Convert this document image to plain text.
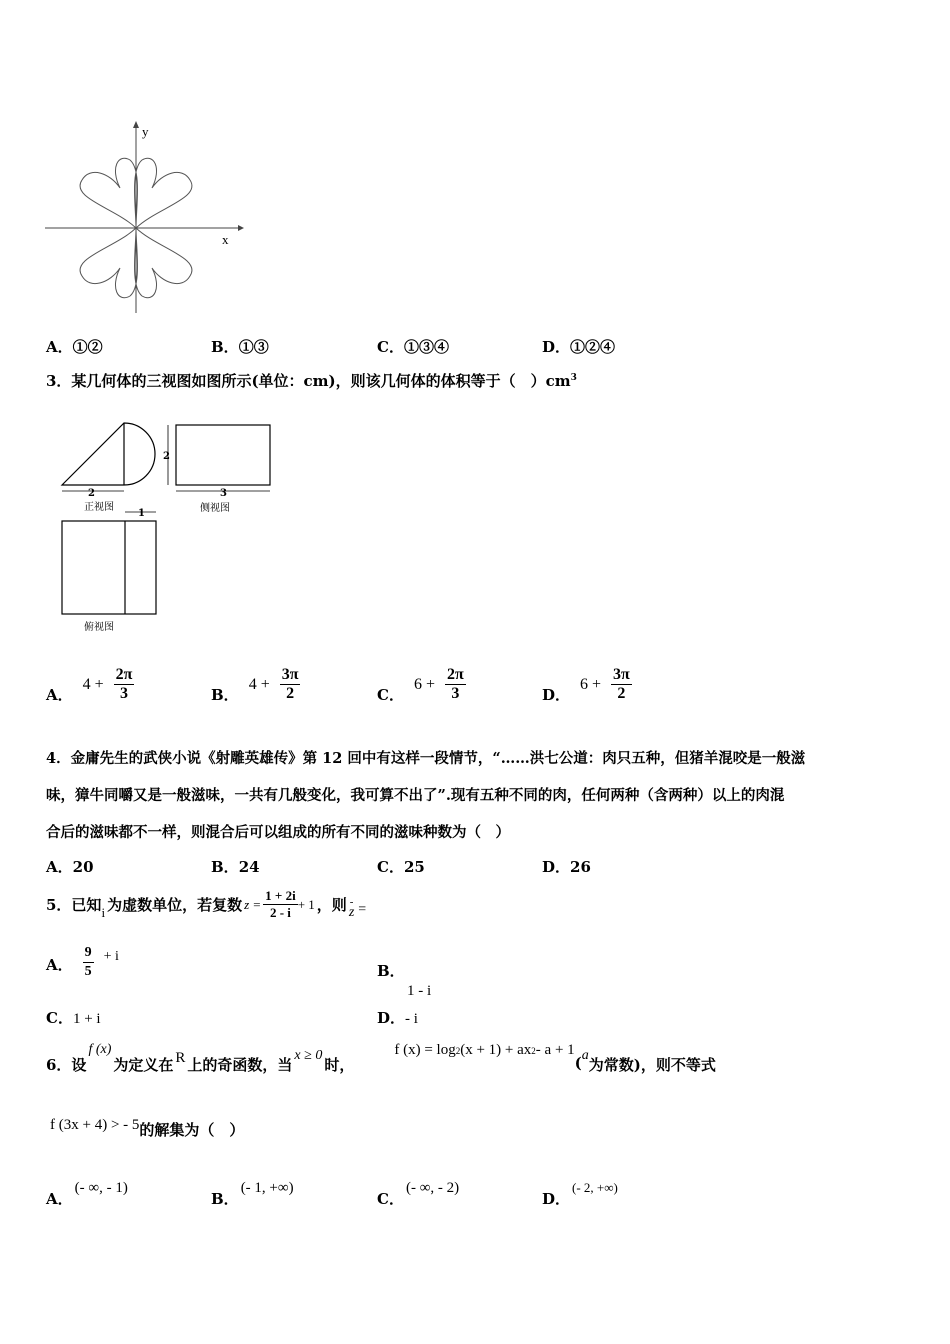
y
x
A．①②	B．①③	C．①③④	D．①②④
3．某几何体的三视图如图所示(单位：cm)，则该几何体的体积等于（　）$cm^3$
2	3
2
1
正视图	侧视图
俯视图
A．
$4 + \frac{2\pi}{3}$	B．
$4 + \frac{3\pi}{2}$	C．
$6 + \frac{2\pi}{3}$	D．
$6 + \frac{3\pi}{2}$
4．金庸先生的武侠小说《射雕英雄传》第 12 回中有这样一段情节，“……洪七公道：肉只五种，但猪羊混咬是一般滋
味，獐牛同嚼又是一般滋味，一共有几般变化，我可算不出了”.现有五种不同的肉，任何两种（含两种）以上的肉混
合后的滋味都不一样，则混合后可以组成的所有不同的滋味种数为（　）
A．20	B．24	C．25	D．26
5．已知 i 为虚数单位，若复数 $z = \frac{1 + 2i}{2 - i} + 1$ ，则 -
z =
A． $\frac{9}{5} + i$
B．
1 - i
C．1 + i	D．- i
6．设
f (x)
为定义在 R 上的奇函数，当
x ≥ 0
时，
f (x) = log 2 (x + 1) + ax 2 - a + 1
( a
为常数)，则不等式
f (3x + 4) > - 5 的解集为（　）
A．(- ∞, - 1)
B．(- 1, +∞)
C．(- ∞, - 2)
D．(- 2, +∞)
